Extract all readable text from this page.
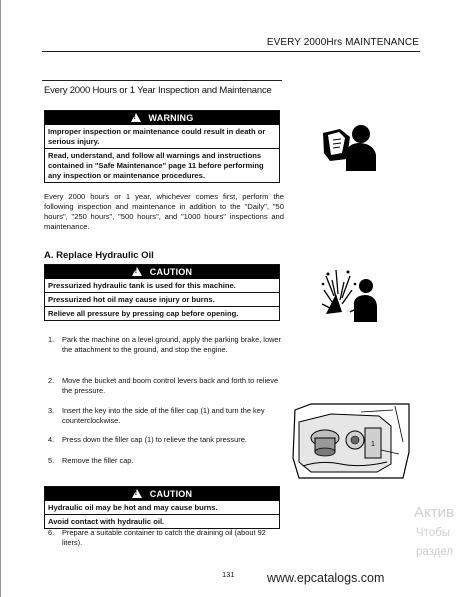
EVERY 2000Hrs MAINTENANCE
Every 2000 Hours or 1 Year Inspection and Maintenance
!WARNING

Improper inspection or maintenance could result in death or serious injury.

Read, understand, and follow all warnings and instructions contained in "Safe Maintenance" page 11 before performing any inspection or maintenance procedures.

Every 2000 hours or 1 year, whichever comes first, perform the following inspection and maintenance in addition to the "Daily", "50 hours", "250 hours", "500 hours", and "1000 hours" inspections and maintenance.
A. Replace Hydraulic Oil
!CAUTION

Pressurized hydraulic tank is used for this machine.

Pressurized hot oil may cause injury or burns.

Relieve all pressure by pressing cap before opening.

1. Park the machine on a level ground, apply the parking brake, lower the attachment to the ground, and stop the engine.
2. Move the bucket and boom control levers back and forth to relieve the pressure.
3. Insert the key into the side of the filler cap (1) and turn the key counterclockwise.
4. Press down the filler cap (1) to relieve the tank pressure.
5. Remove the filler cap.
!CAUTION

Hydraulic oil may be hot and may cause burns.

Avoid contact with hydraulic oil.

6. Prepare a suitable container to catch the draining oil (about 92 liters).
131
1
Актив
Чтобы
раздел
www.epcatalogs.com
